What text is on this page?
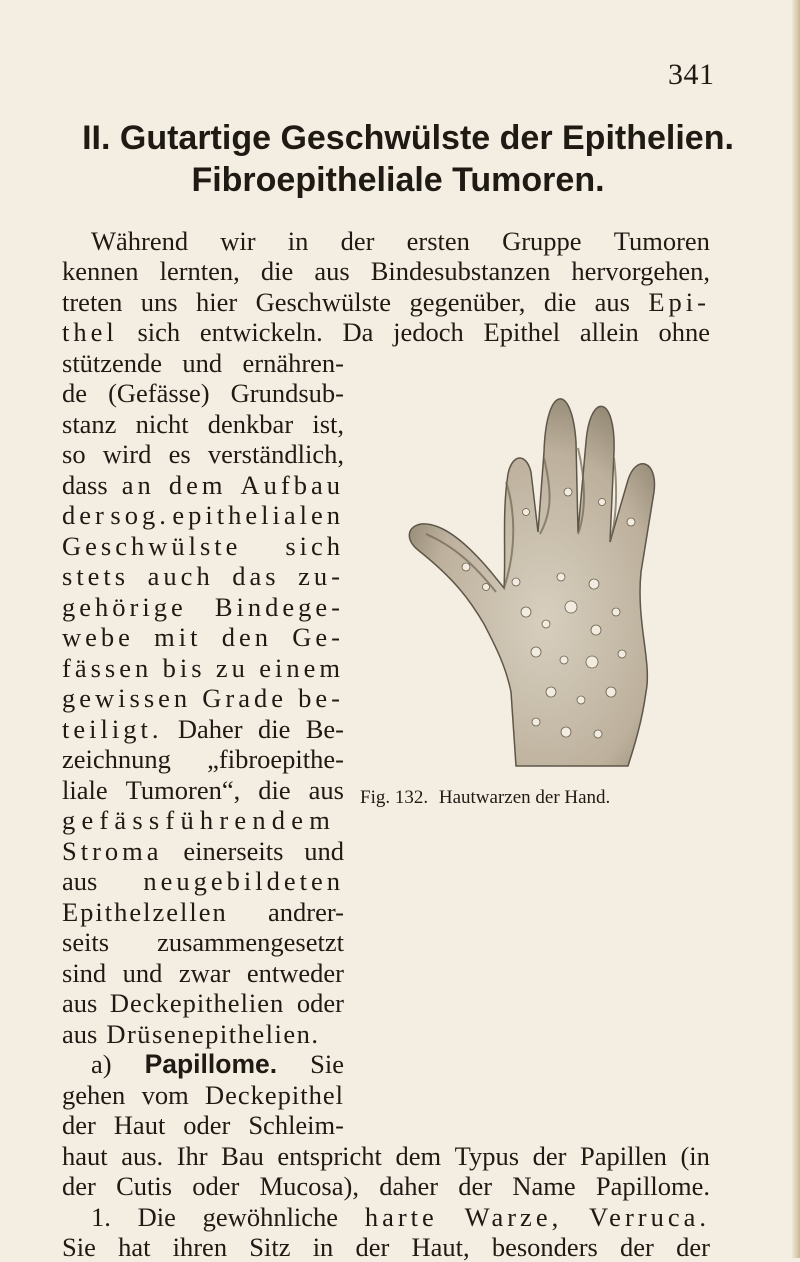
341
II. Gutartige Geschwülste der Epithelien.
Fibroepitheliale Tumoren.
Während wir in der ersten Gruppe Tumoren
kennen lernten, die aus Bindesubstanzen hervorgehen,
treten uns hier Geschwülste gegenüber, die aus Epi-
thel sich entwickeln. Da jedoch Epithel allein ohne
stützende und ernähren-
de (Gefässe) Grundsub-
stanz nicht denkbar ist,
so wird es verständlich,
dass an dem Aufbau
der sog. epithelialen
Geschwülste sich
stets auch das zu-
gehörige Bindege-
webe mit den Ge-
fässen bis zu einem
gewissen Grade be-
teiligt. Daher die Be-
zeichnung „fibroepithe-
liale Tumoren“, die aus
gefässführendem
Stroma einerseits und
aus neugebildeten
Epithelzellen andrer-
seits zusammengesetzt
sind und zwar entweder
aus Deckepithelien oder
aus Drüsenepithelien.
a) Papillome. Sie
gehen vom Deckepithel
der Haut oder Schleim-
haut aus. Ihr Bau entspricht dem Typus der Papillen (in
der Cutis oder Mucosa), daher der Name Papillome.
1. Die gewöhnliche harte Warze, Verruca.
Sie hat ihren Sitz in der Haut, besonders der der
Fig. 132. Hautwarzen der Hand.
